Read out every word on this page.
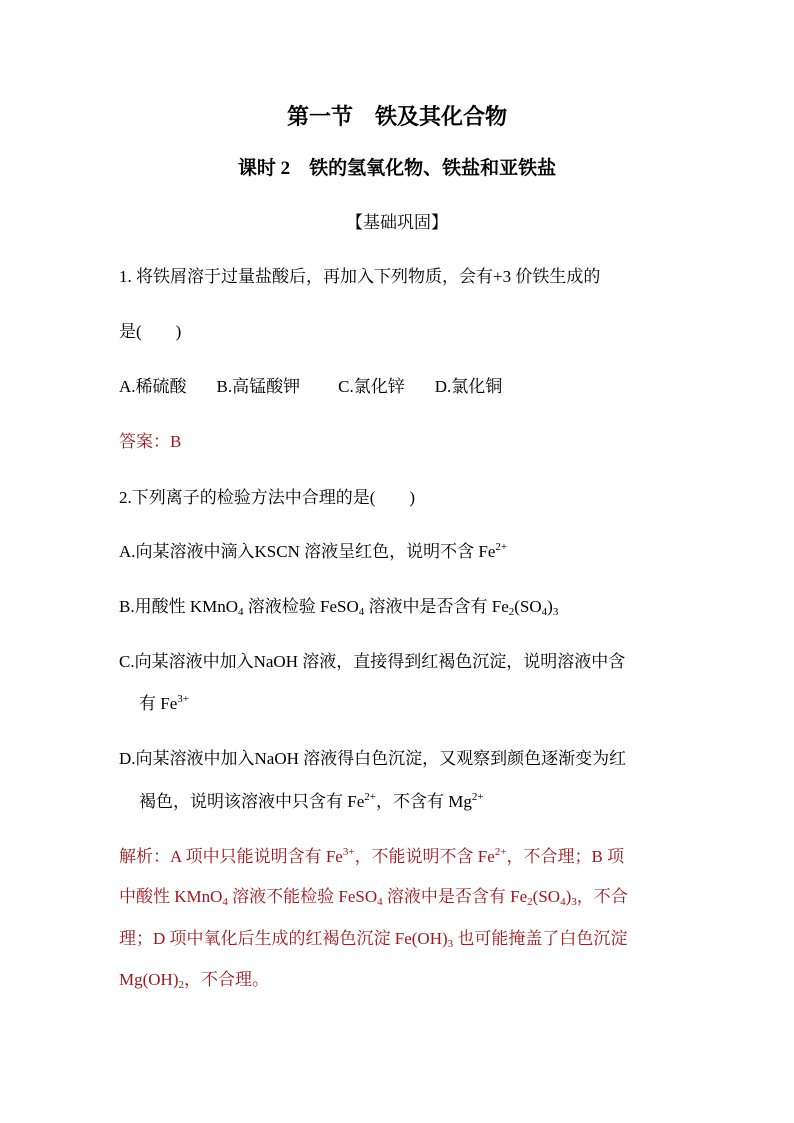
第一节　铁及其化合物
课时 2　铁的氢氧化物、铁盐和亚铁盐
【基础巩固】
1. 将铁屑溶于过量盐酸后，再加入下列物质，会有+3 价铁生成的
是(　　)
A.稀硫酸 B.高锰酸钾 C.氯化锌 D.氯化铜
答案：B
2.下列离子的检验方法中合理的是(　　)
A.向某溶液中滴入KSCN 溶液呈红色，说明不含 $Fe^{2+}$
B.用酸性 KMnO$_4$ 溶液检验 FeSO$_4$ 溶液中是否含有 $Fe_2(SO_4)_3$
C.向某溶液中加入NaOH 溶液，直接得到红褐色沉淀，说明溶液中含
有 $Fe^{3+}$
D.向某溶液中加入NaOH 溶液得白色沉淀，又观察到颜色逐渐变为红
褐色，说明该溶液中只含有 $Fe^{2+}$，不含有 $Mg^{2+}$
解析：A 项中只能说明含有 $Fe^{3+}$，不能说明不含 $Fe^{2+}$，不合理；B 项
中酸性 KMnO$_4$ 溶液不能检验 FeSO$_4$ 溶液中是否含有 $Fe_2(SO_4)_3$，不合
理；D 项中氧化后生成的红褐色沉淀 $Fe(OH)_3$ 也可能掩盖了白色沉淀
$Mg(OH)_2$，不合理。
